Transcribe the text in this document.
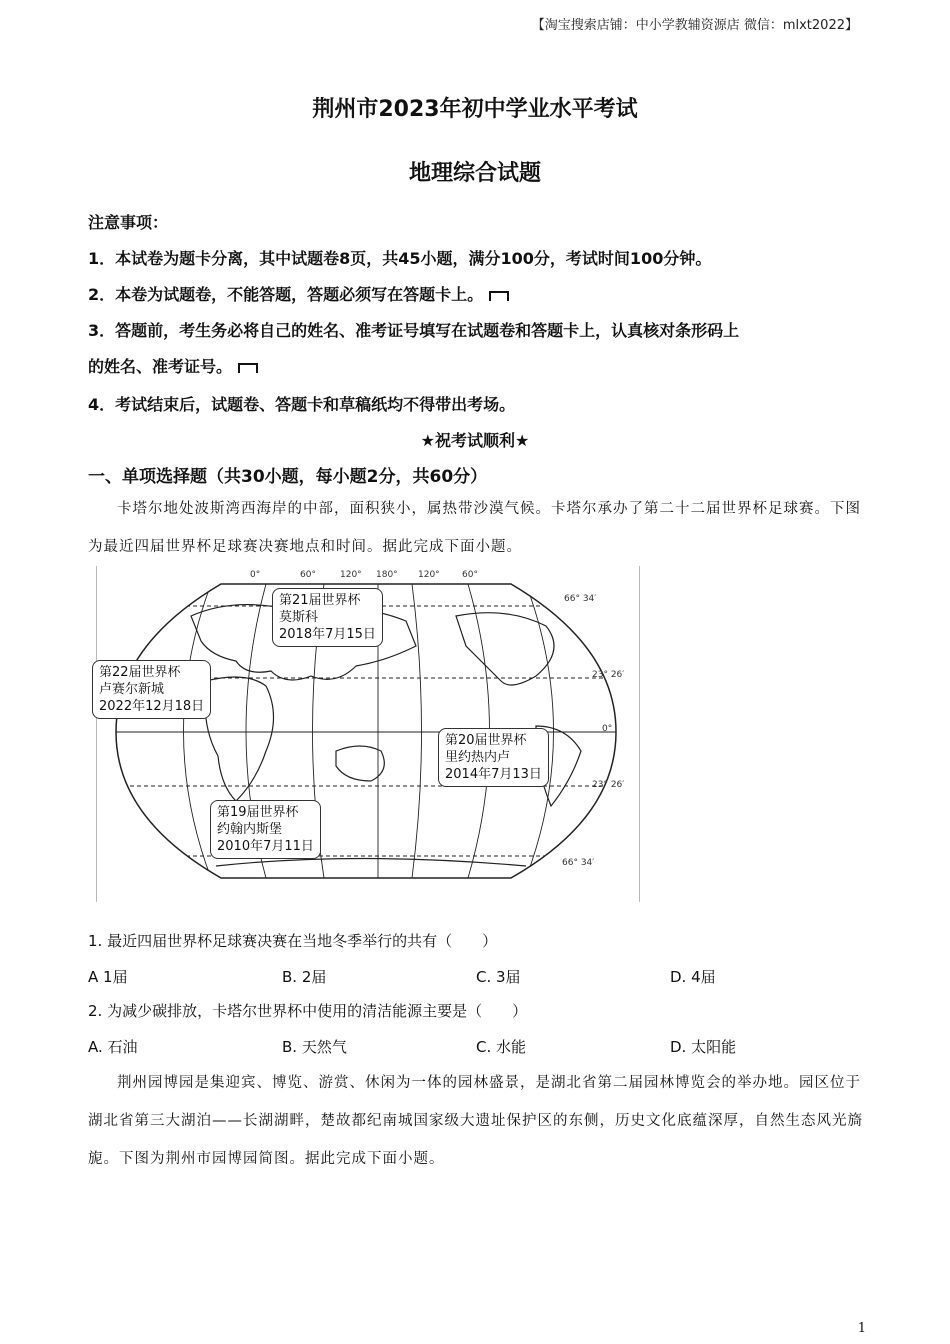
【淘宝搜索店铺：中小学教辅资源店 微信：mlxt2022】
荆州市2023年初中学业水平考试
地理综合试题
注意事项：
1．本试卷为题卡分离，其中试题卷8页，共45小题，满分100分，考试时间100分钟。
2．本卷为试题卷，不能答题，答题必须写在答题卡上。
3．答题前，考生务必将自己的姓名、准考证号填写在试题卷和答题卡上，认真核对条形码上
的姓名、准考证号。
4．考试结束后，试题卷、答题卡和草稿纸均不得带出考场。
★祝考试顺利★
一、单项选择题（共30小题，每小题2分，共60分）
卡塔尔地处波斯湾西海岸的中部，面积狭小，属热带沙漠气候。卡塔尔承办了第二十二届世界杯足球赛。下图为最近四届世界杯足球赛决赛地点和时间。据此完成下面小题。
0°	60°	120° 180° 120° 60°
66° 34′
23° 26′
0°
23° 26′
66° 34′
第21届世界杯
莫斯科
2018年7月15日
第22届世界杯
卢赛尔新城
2022年12月18日
第20届世界杯
里约热内卢
2014年7月13日
第19届世界杯
约翰内斯堡
2010年7月11日
1. 最近四届世界杯足球赛决赛在当地冬季举行的共有（　　）
A 1届	B. 2届	C. 3届	D. 4届
2. 为减少碳排放，卡塔尔世界杯中使用的清洁能源主要是（　　）
A. 石油	B. 天然气	C. 水能	D. 太阳能
荆州园博园是集迎宾、博览、游赏、休闲为一体的园林盛景，是湖北省第二届园林博览会的举办地。园区位于湖北省第三大湖泊——长湖湖畔，楚故都纪南城国家级大遗址保护区的东侧，历史文化底蕴深厚，自然生态风光旖旎。下图为荆州市园博园简图。据此完成下面小题。
1
